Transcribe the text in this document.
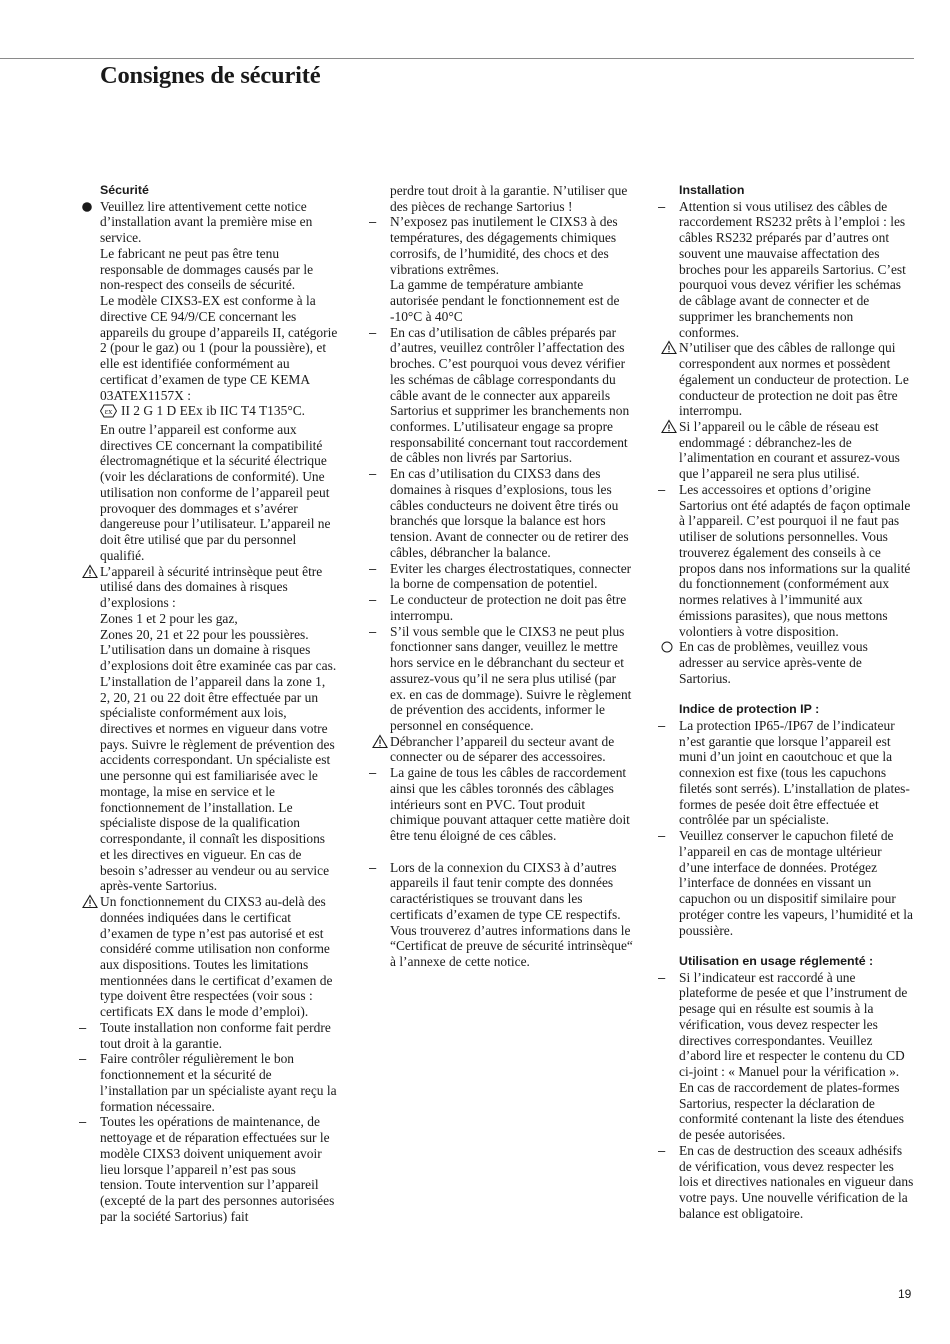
Consignes de sécurité

Sécurité

Veuillez lire attentivement cette notice d’installation avant la première mise en service.

Le fabricant ne peut pas être tenu responsable de dommages causés par le non-respect des conseils de sécurité.

Le modèle CIXS3-EX est conforme à la directive CE 94/9/CE concernant les appareils du groupe d’appareils II, catégorie 2 (pour le gaz) ou 1 (pour la poussière), et elle est identifiée conformément au certificat d’examen de type CE KEMA 03ATEX1157X :

εx II 2 G 1 D EEx ib IIC T4 T135°C.

En outre l’appareil est conforme aux directives CE concernant la compatibilité électromagnétique et la sécurité électrique (voir les déclarations de conformité). Une utilisation non conforme de l’appareil peut provoquer des dommages et s’avérer dangereuse pour l’utilisateur. L’appareil ne doit être utilisé que par du personnel qualifié.

L’appareil à sécurité intrinsèque peut être utilisé dans des domaines à risques d’explosions :

Zones 1 et 2 pour les gaz,

Zones 20, 21 et 22 pour les poussières.

L’utilisation dans un domaine à risques d’explosions doit être examinée cas par cas. L’installation de l’appareil dans la zone 1, 2, 20, 21 ou 22 doit être effectuée par un spécialiste conformément aux lois, directives et normes en vigueur dans votre pays. Suivre le règlement de prévention des accidents correspondant. Un spécialiste est une personne qui est familiarisée avec le montage, la mise en service et le fonctionnement de l’installation. Le spécialiste dispose de la qualification correspondante, il connaît les dispositions et les directives en vigueur. En cas de besoin s’adresser au vendeur ou au service après-vente Sartorius.

Un fonctionnement du CIXS3 au-delà des données indiquées dans le certificat d’examen de type n’est pas autorisé et est considéré comme utilisation non conforme aux dispositions. Toutes les limitations mentionnées dans le certificat d’examen de type doivent être respectées (voir sous : certificats EX dans le mode d’emploi).

–	Toute installation non conforme fait perdre tout droit à la garantie.

–	Faire contrôler régulièrement le bon fonctionnement et la sécurité de l’installation par un spécialiste ayant reçu la formation nécessaire.

–	Toutes les opérations de maintenance, de nettoyage et de réparation effectuées sur le modèle CIXS3 doivent uniquement avoir lieu lorsque l’appareil n’est pas sous tension. Toute intervention sur l’appareil (excepté de la part des personnes autorisées par la société Sartorius) fait

perdre tout droit à la garantie. N’utiliser que des pièces de rechange Sartorius !

–	N’exposez pas inutilement le CIXS3 à des températures, des dégagements chimiques corrosifs, de l’humidité, des chocs et des vibrations extrêmes.

La gamme de température ambiante autorisée pendant le fonctionnement est de -10°C à 40°C

–	En cas d’utilisation de câbles préparés par d’autres, veuillez contrôler l’affectation des broches. C’est pourquoi vous devez vérifier les schémas de câblage correspondants du câble avant de le connecter aux appareils Sartorius et supprimer les branchements non conformes. L’utilisateur engage sa propre responsabilité concernant tout raccordement de câbles non livrés par Sartorius.

–	En cas d’utilisation du CIXS3 dans des domaines à risques d’explosions, tous les câbles conducteurs ne doivent être tirés ou branchés que lorsque la balance est hors tension. Avant de connecter ou de retirer des câbles, débrancher la balance.

–	Eviter les charges électrostatiques, connecter la borne de compensation de potentiel.

–	Le conducteur de protection ne doit pas être interrompu.

–	S’il vous semble que le CIXS3 ne peut plus fonctionner sans danger, veuillez le mettre hors service en le débranchant du secteur et assurez-vous qu’il ne sera plus utilisé (par ex. en cas de dommage). Suivre le règlement de prévention des accidents, informer le personnel en conséquence.

Débrancher l’appareil du secteur avant de connecter ou de séparer des accessoires.

–	La gaine de tous les câbles de raccordement ainsi que les câbles toronnés des câblages intérieurs sont en PVC. Tout produit chimique pouvant attaquer cette matière doit être tenu éloigné de ces câbles.

–	Lors de la connexion du CIXS3 à d’autres appareils il faut tenir compte des données caractéristiques se trouvant dans les certificats d’examen de type CE respectifs. Vous trouverez d’autres informations dans le “Certificat de preuve de sécurité intrinsèque“ à l’annexe de cette notice.

Installation

–	Attention si vous utilisez des câbles de raccordement RS232 prêts à l’emploi : les câbles RS232 préparés par d’autres ont souvent une mauvaise affectation des broches pour les appareils Sartorius. C’est pourquoi vous devez vérifier les schémas de câblage avant de connecter et de supprimer les branchements non conformes.

N’utiliser que des câbles de rallonge qui correspondent aux normes et possèdent également un conducteur de protection. Le conducteur de protection ne doit pas être interrompu.

Si l’appareil ou le câble de réseau est endommagé : débranchez-les de l’alimentation en courant et assurez-vous que l’appareil ne sera plus utilisé.

–	Les accessoires et options d’origine Sartorius ont été adaptés de façon optimale à l’appareil. C’est pourquoi il ne faut pas utiliser de solutions personnelles. Vous trouverez également des conseils à ce propos dans nos informations sur la qualité du fonctionnement (conformément aux normes relatives à l’immunité aux émissions parasites), que nous mettons volontiers à votre disposition.

En cas de problèmes, veuillez vous adresser au service après-vente de Sartorius.

Indice de protection IP :

–	La protection IP65-/IP67 de l’indicateur n’est garantie que lorsque l’appareil est muni d’un joint en caoutchouc et que la connexion est fixe (tous les capuchons filetés sont serrés). L’installation de plates-formes de pesée doit être effectuée et contrôlée par un spécialiste.

–	Veuillez conserver le capuchon fileté de l’appareil en cas de montage ultérieur d’une interface de données. Protégez l’interface de données en vissant un capuchon ou un dispositif similaire pour protéger contre les vapeurs, l’humidité et la poussière.

Utilisation en usage réglementé :

–	Si l’indicateur est raccordé à une plateforme de pesée et que l’instrument de pesage qui en résulte est soumis à la vérification, vous devez respecter les directives correspondantes. Veuillez d’abord lire et respecter le contenu du CD ci-joint : « Manuel pour la vérification ». En cas de raccordement de plates-formes Sartorius, respecter la déclaration de conformité contenant la liste des étendues de pesée autorisées.

–	En cas de destruction des sceaux adhésifs de vérification, vous devez respecter les lois et directives nationales en vigueur dans votre pays. Une nouvelle vérification de la balance est obligatoire.

19
